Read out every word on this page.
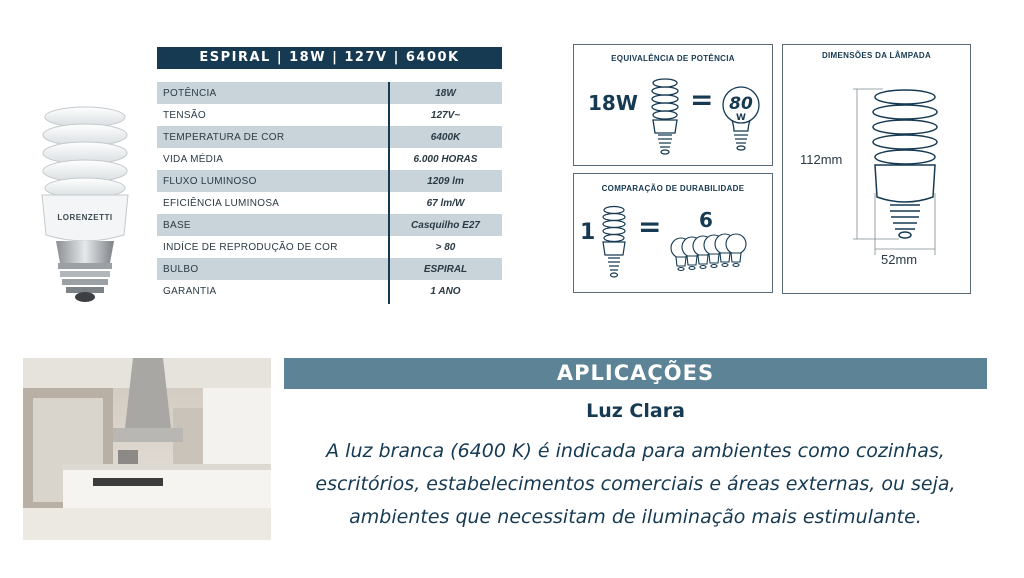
LORENZETTI
ESPIRAL | 18W | 127V | 6400K
POTÊNCIA	18W
TENSÃO	127V~
TEMPERATURA DE COR	6400K
VIDA MÉDIA	6.000 HORAS
FLUXO LUMINOSO	1209 lm
EFICIÊNCIA LUMINOSA	67 lm/W
BASE	Casquilho E27
INDÍCE DE REPRODUÇÃO DE COR	> 80
BULBO	ESPIRAL
GARANTIA	1 ANO
EQUIVALÊNCIA DE POTÊNCIA
18W = 80
W
COMPARAÇÃO DE DURABILIDADE
1 = 6
DIMENSÕES DA LÂMPADA
112mm
52mm
APLICAÇÕES
Luz Clara
A luz branca (6400 K) é indicada para ambientes como cozinhas,
escritórios, estabelecimentos comerciais e áreas externas, ou seja,
ambientes que necessitam de iluminação mais estimulante.
